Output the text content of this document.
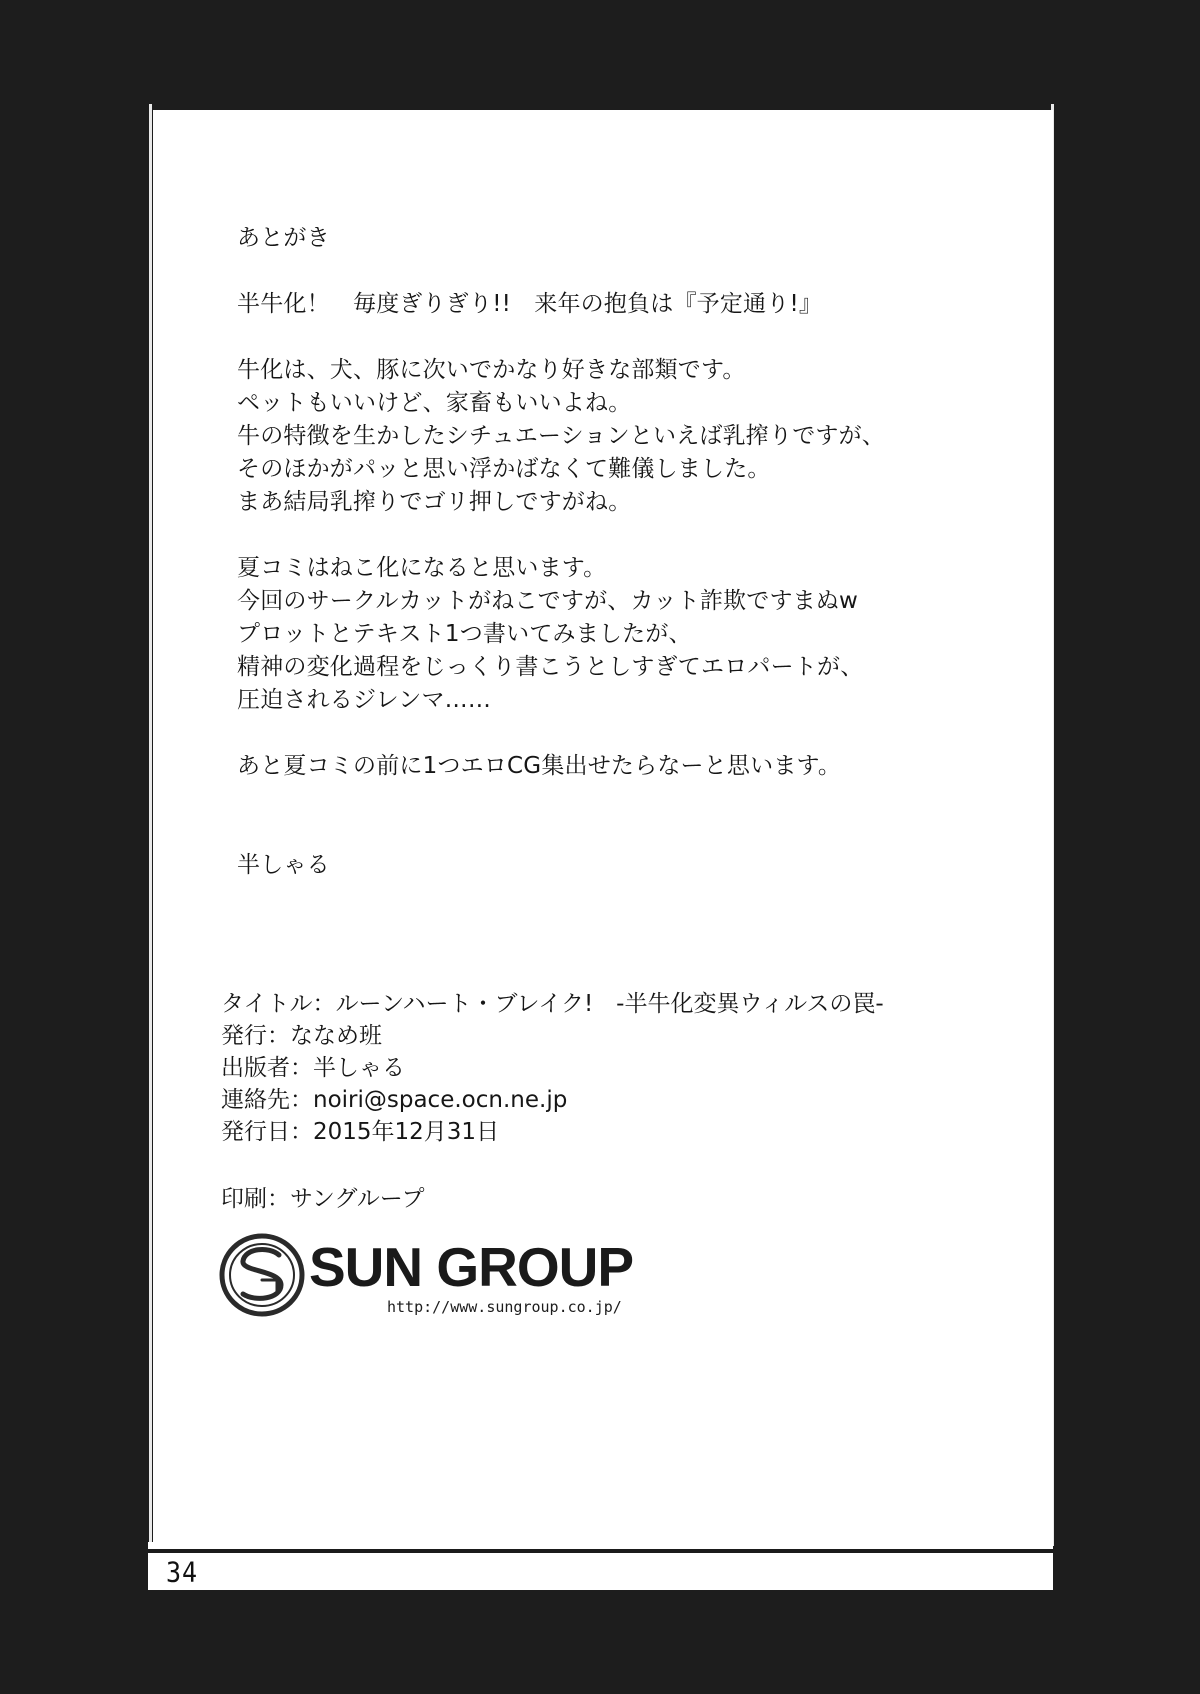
あとがき
半牛化！　毎度ぎりぎり!!　来年の抱負は『予定通り!』
牛化は、犬、豚に次いでかなり好きな部類です。
ペットもいいけど、家畜もいいよね。
牛の特徴を生かしたシチュエーションといえば乳搾りですが、
そのほかがパッと思い浮かばなくて難儀しました。
まあ結局乳搾りでゴリ押しですがね。
夏コミはねこ化になると思います。
今回のサークルカットがねこですが、カット詐欺ですまぬw
プロットとテキスト1つ書いてみましたが、
精神の変化過程をじっくり書こうとしすぎてエロパートが、
圧迫されるジレンマ……
あと夏コミの前に1つエロCG集出せたらなーと思います。
半しゃる
タイトル：ルーンハート・ブレイク!　-半牛化変異ウィルスの罠-
発行：ななめ班
出版者：半しゃる
連絡先：noiri@space.ocn.ne.jp
発行日：2015年12月31日
印刷：サングループ
SUN GROUP
http://www.sungroup.co.jp/
34
